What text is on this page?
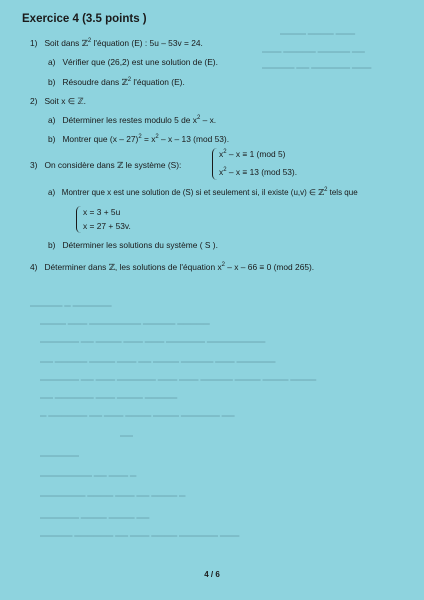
▬▬▬▬ ▬▬▬▬ ▬▬▬
▬▬▬ ▬▬▬▬▬ ▬▬▬▬▬ ▬▬
▬▬▬▬▬ ▬▬ ▬▬▬▬▬▬ ▬▬▬
▬▬▬▬▬ ▬ ▬▬▬▬▬▬
▬▬▬▬ ▬▬▬ ▬▬▬▬▬▬▬▬ ▬▬▬▬▬ ▬▬▬▬▬
▬▬▬▬▬▬ ▬▬ ▬▬▬▬ ▬▬▬ ▬▬▬ ▬▬▬▬▬▬ ▬▬▬▬▬▬▬▬▬
▬▬ ▬▬▬▬▬ ▬▬▬▬ ▬▬▬ ▬▬ ▬▬▬▬ ▬▬▬▬▬ ▬▬▬ ▬▬▬▬▬▬
▬▬▬▬▬▬ ▬▬ ▬▬▬ ▬▬▬▬▬▬ ▬▬▬ ▬▬▬ ▬▬▬▬▬ ▬▬▬▬ ▬▬▬▬ ▬▬▬▬
▬▬ ▬▬▬▬▬▬ ▬▬▬ ▬▬▬▬ ▬▬▬▬▬
▬ ▬▬▬▬▬▬ ▬▬ ▬▬▬ ▬▬▬▬ ▬▬▬▬ ▬▬▬▬▬▬ ▬▬
▬▬
▬▬▬▬▬▬
▬▬▬▬▬▬▬▬ ▬▬ ▬▬▬ ▬
▬▬▬▬▬▬▬ ▬▬▬▬ ▬▬▬ ▬▬ ▬▬▬▬ ▬
▬▬▬▬▬▬ ▬▬▬▬ ▬▬▬▬ ▬▬
▬▬▬▬▬ ▬▬▬▬▬▬ ▬▬ ▬▬▬ ▬▬▬▬ ▬▬▬▬▬▬ ▬▬▬
Exercice 4 (3.5 points )
1) Soit dans ℤ$^2$ l'équation (E) : 5u – 53v = 24.
a) Vérifier que (26,2) est une solution de (E).
b) Résoudre dans ℤ$^2$ l'équation (E).
2) Soit x ∈ ℤ.
a) Déterminer les restes modulo 5 de $x^2$ – x.
b) Montrer que $(x - 27)^2 = x^2 - x - 13$ (mod 53).
3) On considère dans ℤ le système (S):
$x^2 - x \equiv 1$ (mod 5)
$x^2 - x \equiv 13$ (mod 53).
a) Montrer que x est une solution de (S) si et seulement si, il existe (u,v) ∈ ℤ$^2$ tels que
x = 3 + 5u
x = 27 + 53v.
b) Déterminer les solutions du système ( S ).
4) Déterminer dans ℤ, les solutions de l'équation $x^2 - x - 66 \equiv 0$ (mod 265).
4 / 6
